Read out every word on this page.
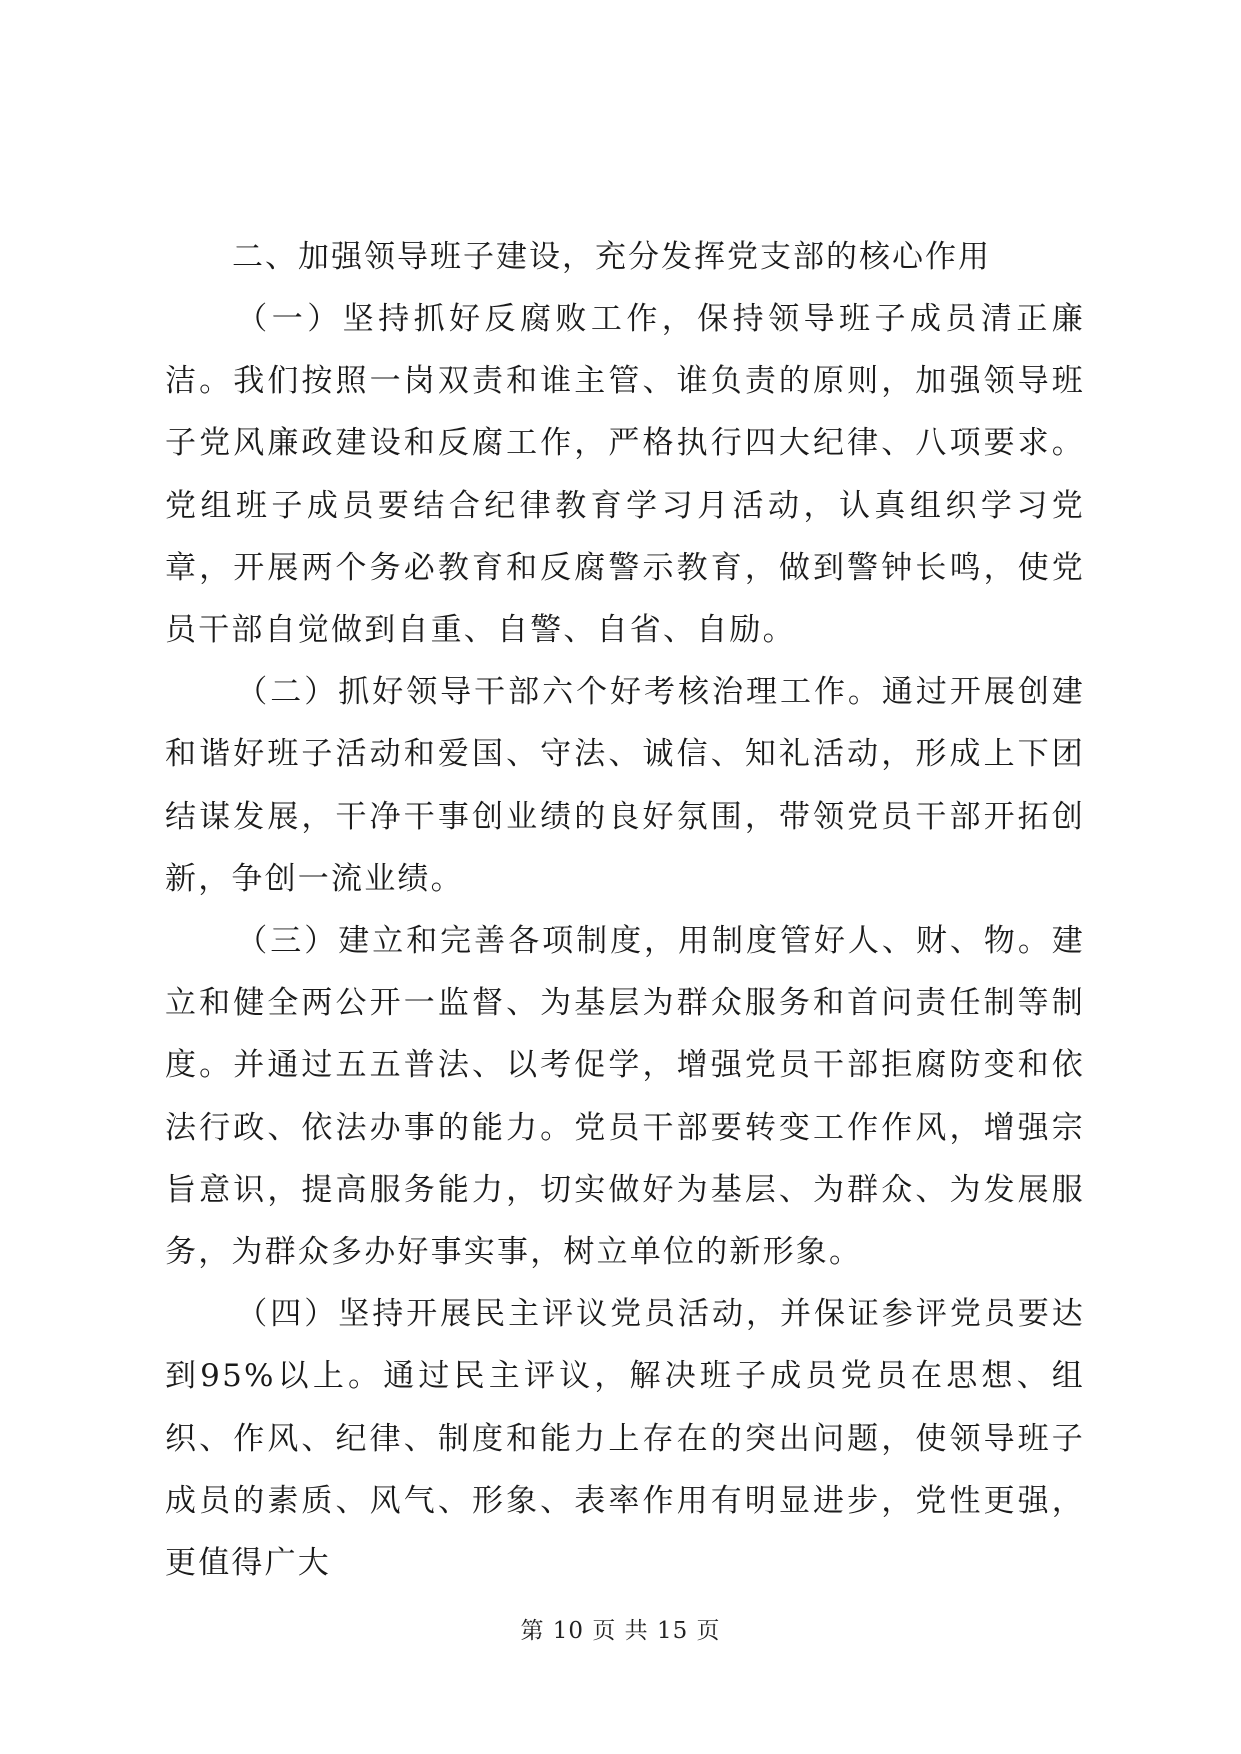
二、加强领导班子建设，充分发挥党支部的核心作用

（一）坚持抓好反腐败工作，保持领导班子成员清正廉洁。我们按照一岗双责和谁主管、谁负责的原则，加强领导班子党风廉政建设和反腐工作，严格执行四大纪律、八项要求。党组班子成员要结合纪律教育学习月活动，认真组织学习党章，开展两个务必教育和反腐警示教育，做到警钟长鸣，使党员干部自觉做到自重、自警、自省、自励。

（二）抓好领导干部六个好考核治理工作。通过开展创建和谐好班子活动和爱国、守法、诚信、知礼活动，形成上下团结谋发展，干净干事创业绩的良好氛围，带领党员干部开拓创新，争创一流业绩。

（三）建立和完善各项制度，用制度管好人、财、物。建立和健全两公开一监督、为基层为群众服务和首问责任制等制度。并通过五五普法、以考促学，增强党员干部拒腐防变和依法行政、依法办事的能力。党员干部要转变工作作风，增强宗旨意识，提高服务能力，切实做好为基层、为群众、为发展服务，为群众多办好事实事，树立单位的新形象。

（四）坚持开展民主评议党员活动，并保证参评党员要达到95%以上。通过民主评议，解决班子成员党员在思想、组织、作风、纪律、制度和能力上存在的突出问题，使领导班子成员的素质、风气、形象、表率作用有明显进步，党性更强，更值得广大

第 10 页 共 15 页
